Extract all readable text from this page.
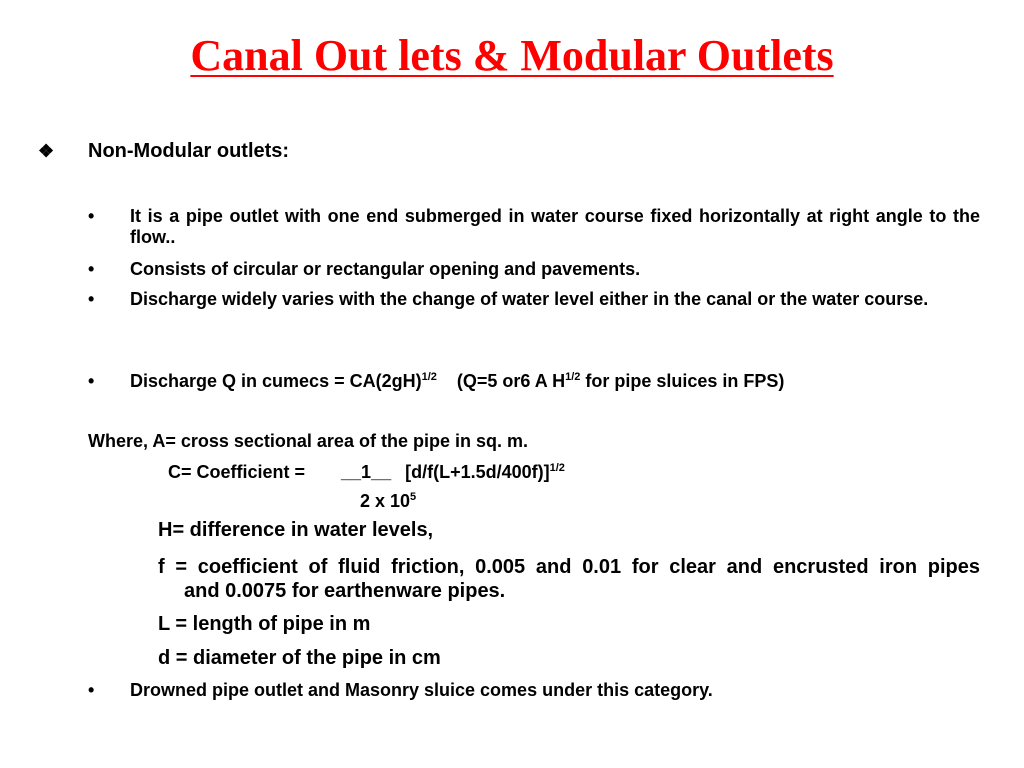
Canal Out lets & Modular Outlets
❖ Non-Modular outlets:
• It is a pipe outlet with one end submerged in water course fixed horizontally at right angle to the flow..
• Consists of circular or rectangular opening and pavements.
• Discharge widely varies with the change of water level either in the canal or the water course.
• Discharge Q in cumecs = $CA(2gH)^{1/2}$ (Q=5 or6 A $H^{1/2}$ for pipe sluices in FPS)
Where, A= cross sectional area of the pipe in sq. m.
C= Coefficient = __1__ $[d/f(L+1.5d/400f)]^{1/2}$
2 x $10^5$
H= difference in water levels,
f = coefficient of fluid friction, 0.005 and 0.01 for clear and encrusted iron pipesand 0.0075 for earthenware pipes.
L = length of pipe in m
d = diameter of the pipe in cm
• Drowned pipe outlet and Masonry sluice comes under this category.
